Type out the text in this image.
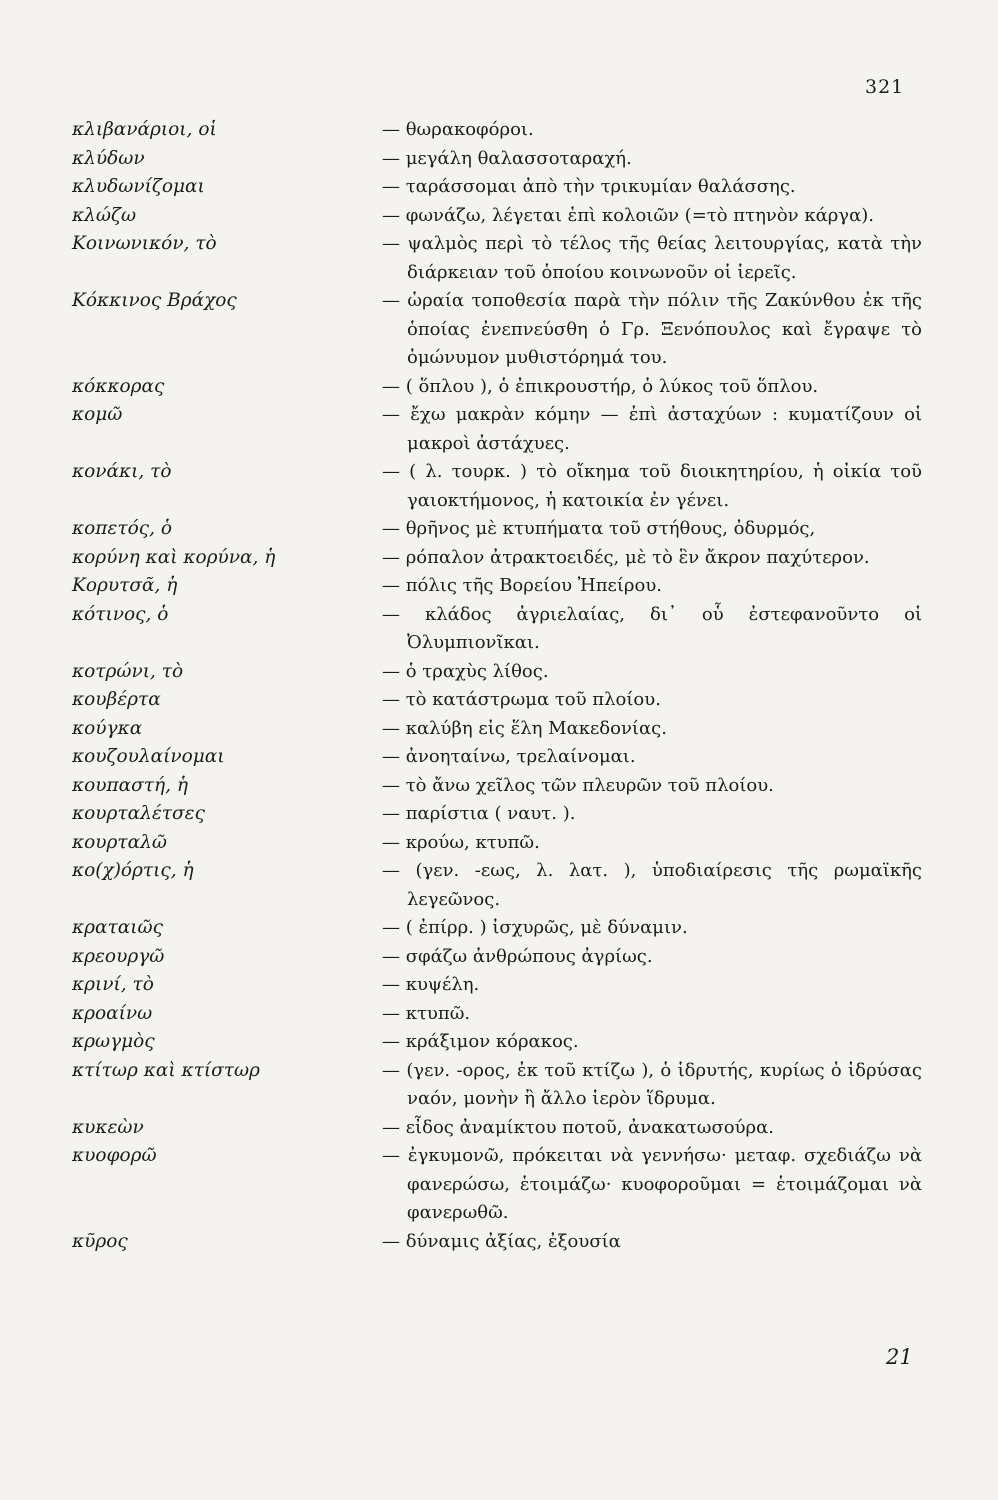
321
κλιβανάριοι, οἱ	— θωρακοφόροι.
κλύδων	— μεγάλη θαλασσοταραχή.
κλυδωνίζομαι	— ταράσσομαι ἀπὸ τὴν τρικυμίαν θαλάσσης.
κλώζω	— φωνάζω, λέγεται ἐπὶ κολοιῶν (=τὸ πτηνὸν κάργα).
Κοινωνικόν, τὸ	— ψαλμὸς περὶ τὸ τέλος τῆς θείας λειτουργίας, κατὰ τὴν διάρκειαν τοῦ ὁποίου κοινωνοῦν οἱ ἱερεῖς.
Κόκκινος Βράχος	— ὡραία τοποθεσία παρὰ τὴν πόλιν τῆς Ζακύνθου ἐκ τῆς ὁποίας ἐνεπνεύσθη ὁ Γρ. Ξενόπουλος καὶ ἔγραψε τὸ ὁμώνυμον μυθιστόρημά του.
κόκκορας	— ( ὅπλου ), ὁ ἐπικρουστήρ, ὁ λύκος τοῦ ὅπλου.
κομῶ	— ἔχω μακρὰν κόμην — ἐπὶ ἀσταχύων : κυματίζουν οἱ μακροὶ ἀστάχυες.
κονάκι, τὸ	— ( λ. τουρκ. ) τὸ οἴκημα τοῦ διοικητηρίου, ἡ οἰκία τοῦ γαιοκτήμονος, ἡ κατοικία ἐν γένει.
κοπετός, ὁ	— θρῆνος μὲ κτυπήματα τοῦ στήθους, ὀδυρμός,
κορύνη καὶ κορύνα, ἡ	— ρόπαλον ἀτρακτοειδές, μὲ τὸ ἓν ἄκρον παχύτερον.
Κορυτσᾶ, ἡ	— πόλις τῆς Βορείου Ἠπείρου.
κότινος, ὁ	— κλάδος ἀγριελαίας, δι᾽ οὗ ἐστεφανοῦντο οἱ Ὀλυμπιονῖκαι.
κοτρώνι, τὸ	— ὁ τραχὺς λίθος.
κουβέρτα	— τὸ κατάστρωμα τοῦ πλοίου.
κούγκα	— καλύβη εἰς ἕλη Μακεδονίας.
κουζουλαίνομαι	— ἀνοηταίνω, τρελαίνομαι.
κουπαστή, ἡ	— τὸ ἄνω χεῖλος τῶν πλευρῶν τοῦ πλοίου.
κουρταλέτσες	— παρίστια ( ναυτ. ).
κουρταλῶ	— κρούω, κτυπῶ.
κο(χ)όρτις, ἡ	— (γεν. -εως, λ. λατ. ), ὑποδιαίρεσις τῆς ρωμαϊκῆς λεγεῶνος.
κραταιῶς	— ( ἐπίρρ. ) ἰσχυρῶς, μὲ δύναμιν.
κρεουργῶ	— σφάζω ἀνθρώπους ἀγρίως.
κρινί, τὸ	— κυψέλη.
κροαίνω	— κτυπῶ.
κρωγμὸς	— κράξιμον κόρακος.
κτίτωρ καὶ κτίστωρ	— (γεν. -ορος, ἐκ τοῦ κτίζω ), ὁ ἱδρυτής, κυρίως ὁ ἱδρύσας ναόν, μονὴν ἢ ἄλλο ἱερὸν ἵδρυμα.
κυκεὼν	— εἶδος ἀναμίκτου ποτοῦ, ἀνακατωσούρα.
κυοφορῶ	— ἐγκυμονῶ, πρόκειται νὰ γεννήσω· μεταφ. σχεδιάζω νὰ φανερώσω, ἑτοιμάζω· κυοφοροῦμαι = ἑτοιμάζομαι νὰ φανερωθῶ.
κῦρος	— δύναμις ἀξίας, ἐξουσία
21
